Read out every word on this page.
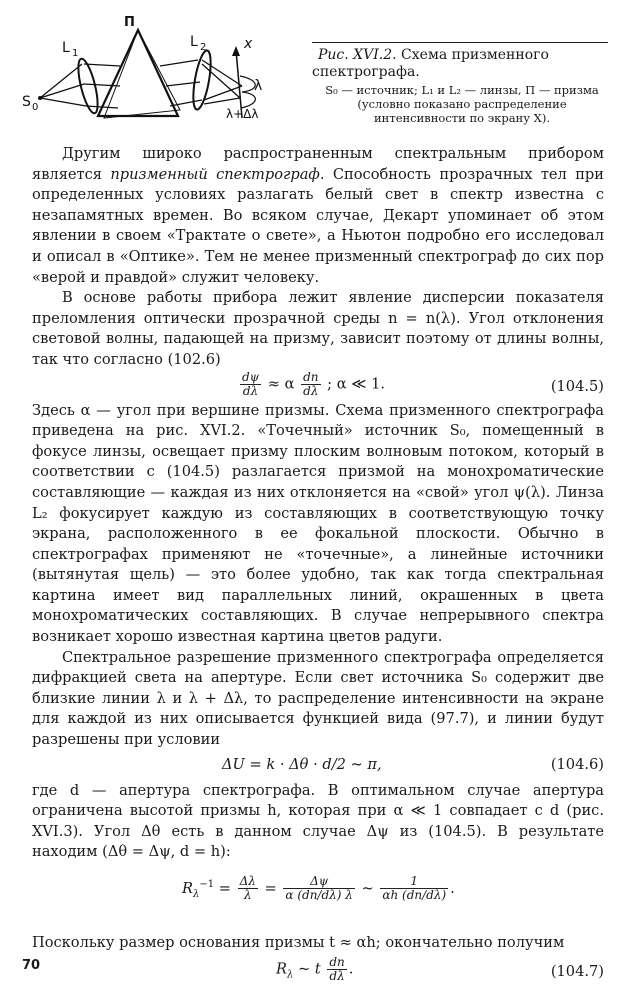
П
L 1
L 2	x
S 0
λ
λ+Δλ

Рис. XVI.2. Схема призменного спектрографа.

S₀ — источник; L₁ и L₂ — линзы, П — призма (условно показано распределение интенсивности по экрану X).

Другим широко распространенным спектральным прибором является призменный спектрограф. Способность прозрачных тел при определенных условиях разлагать белый свет в спектр известна с незапамятных времен. Во всяком случае, Декарт упоминает об этом явлении в своем «Трактате о свете», а Ньютон подробно его исследовал и описал в «Оптике». Тем не менее призменный спектрограф до сих пор «верой и правдой» служит человеку.

В основе работы прибора лежит явление дисперсии показателя преломления оптически прозрачной среды n = n(λ). Угол отклонения световой волны, падающей на призму, зависит поэтому от длины волны, так что согласно (102.6)

$\frac{d\psi}{d\lambda} \approx \alpha \frac{dn}{d\lambda}$ ; α ≪ 1.	(104.5)

Здесь α — угол при вершине призмы. Схема призменного спектрографа приведена на рис. XVI.2. «Точечный» источник S₀, помещенный в фокусе линзы, освещает призму плоским волновым потоком, который в соответствии с (104.5) разлагается призмой на монохроматические составляющие — каждая из них отклоняется на «свой» угол ψ(λ). Линза L₂ фокусирует каждую из составляющих в соответствующую точку экрана, расположенного в ее фокальной плоскости. Обычно в спектрографах применяют не «точечные», а линейные источники (вытянутая щель) — это более удобно, так как тогда спектральная картина имеет вид параллельных линий, окрашенных в цвета монохроматических составляющих. В случае непрерывного спектра возникает хорошо известная картина цветов радуги.

Спектральное разрешение призменного спектрографа определяется дифракцией света на апертуре. Если свет источника S₀ содержит две близкие линии λ и λ + Δλ, то распределение интенсивности на экране для каждой из них описывается функцией вида (97.7), и линии будут разрешены при условии

ΔU = k · Δθ · d/2 ~ π,	(104.6)

где d — апертура спектрографа. В оптимальном случае апертура ограничена высотой призмы h, которая при α ≪ 1 совпадает с d (рис. XVI.3). Угол Δθ есть в данном случае Δψ из (104.5). В результате находим (Δθ = Δψ, d = h):

$R_\lambda^{-1} = \frac{\Delta\lambda}{\lambda} = \frac{\Delta\psi}{\alpha (dn/d\lambda) \lambda}$ ~ $\frac{1}{\alpha h (dn/d\lambda)}$ .

Поскольку размер основания призмы t ≈ αh; окончательно получим

$R_\lambda$ ~ t $\frac{dn}{d\lambda}$ .	(104.7)
70
